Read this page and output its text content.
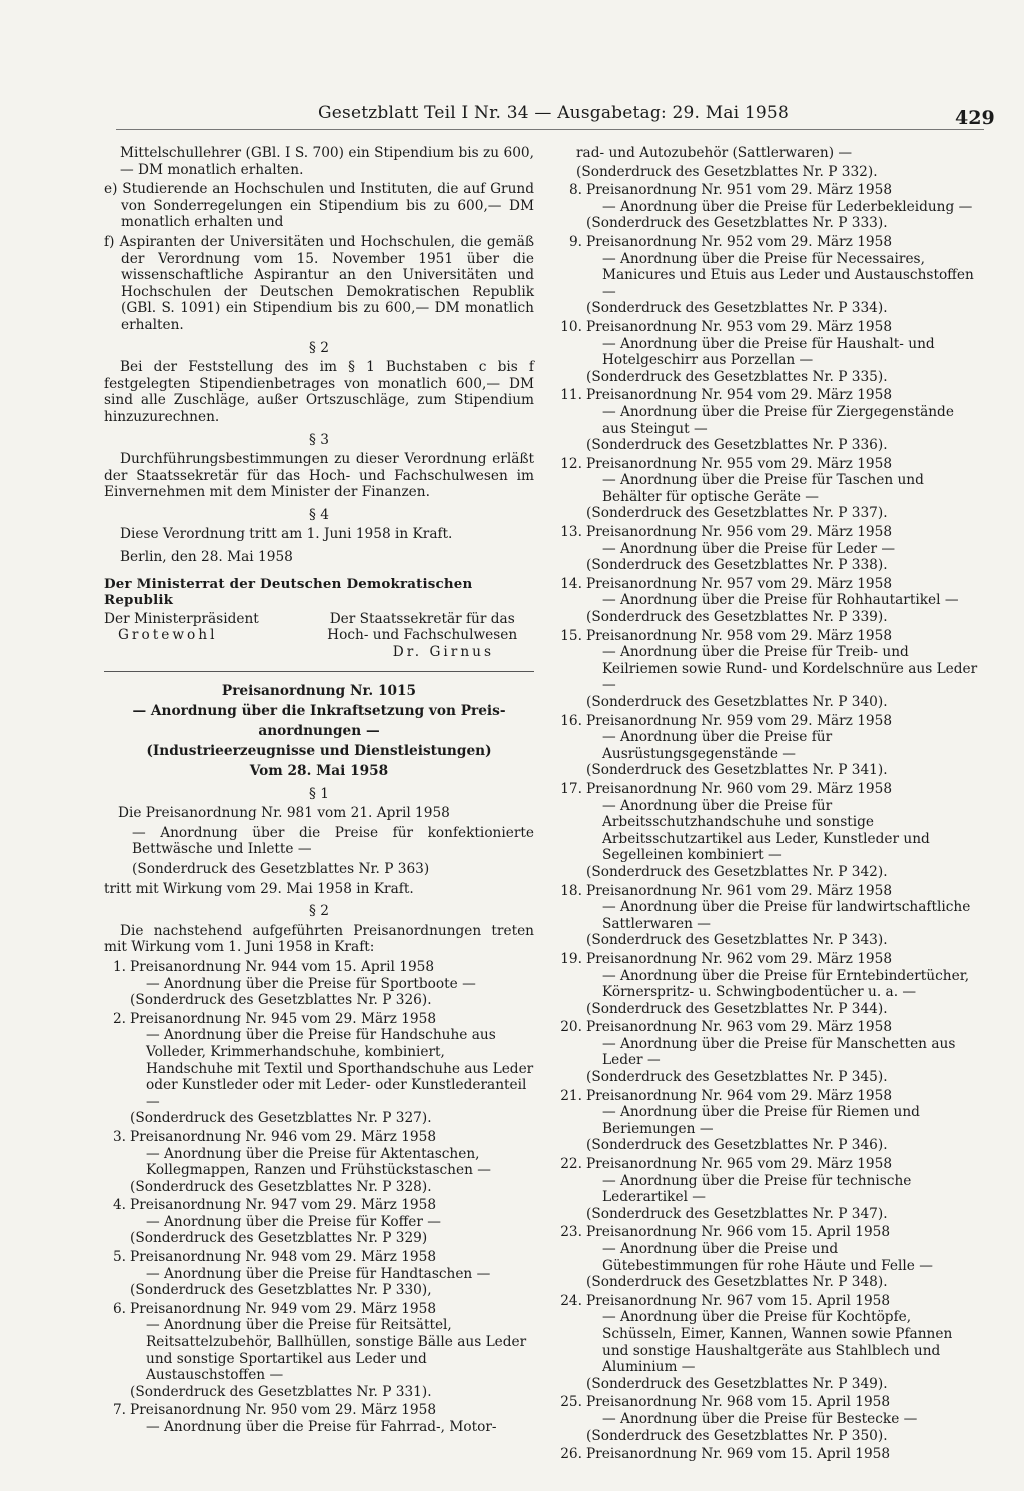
Gesetzblatt Teil I Nr. 34 — Ausgabetag: 29. Mai 1958	429
Mittelschullehrer (GBl. I S. 700) ein Stipendium bis zu 600,— DM monatlich erhalten.
e) Studierende an Hochschulen und Instituten, die auf Grund von Sonderregelungen ein Stipendium bis zu 600,— DM monatlich erhalten und
f) Aspiranten der Universitäten und Hochschulen, die gemäß der Verordnung vom 15. November 1951 über die wissenschaftliche Aspirantur an den Universitäten und Hochschulen der Deutschen Demokratischen Republik (GBl. S. 1091) ein Stipendium bis zu 600,— DM monatlich erhalten.
§ 2
Bei der Feststellung des im § 1 Buchstaben c bis f festgelegten Stipendienbetrages von monatlich 600,— DM sind alle Zuschläge, außer Ortszuschläge, zum Stipendium hinzuzurechnen.
§ 3
Durchführungsbestimmungen zu dieser Verordnung erläßt der Staatssekretär für das Hoch- und Fachschulwesen im Einvernehmen mit dem Minister der Finanzen.
§ 4
Diese Verordnung tritt am 1. Juni 1958 in Kraft.
Berlin, den 28. Mai 1958
Der Ministerrat der Deutschen Demokratischen Republik
Der Ministerpräsident
Grotewohl
Der Staatssekretär für das
Hoch- und Fachschulwesen
Dr. Girnus
Preisanordnung Nr. 1015
— Anordnung über die Inkraftsetzung von Preis-
anordnungen —
(Industrieerzeugnisse und Dienstleistungen)
Vom 28. Mai 1958
§ 1
Die Preisanordnung Nr. 981 vom 21. April 1958
— Anordnung über die Preise für konfektionierte Bettwäsche und Inlette —
(Sonderdruck des Gesetzblattes Nr. P 363)
tritt mit Wirkung vom 29. Mai 1958 in Kraft.
§ 2
Die nachstehend aufgeführten Preisanordnungen treten mit Wirkung vom 1. Juni 1958 in Kraft:
1. Preisanordnung Nr. 944 vom 15. April 1958
— Anordnung über die Preise für Sportboote —
(Sonderdruck des Gesetzblattes Nr. P 326).
2. Preisanordnung Nr. 945 vom 29. März 1958
— Anordnung über die Preise für Handschuhe aus Volleder, Krimmerhandschuhe, kombiniert, Handschuhe mit Textil und Sporthandschuhe aus Leder oder Kunstleder oder mit Leder- oder Kunstlederanteil —
(Sonderdruck des Gesetzblattes Nr. P 327).
3. Preisanordnung Nr. 946 vom 29. März 1958
— Anordnung über die Preise für Aktentaschen, Kollegmappen, Ranzen und Frühstückstaschen —
(Sonderdruck des Gesetzblattes Nr. P 328).
4. Preisanordnung Nr. 947 vom 29. März 1958
— Anordnung über die Preise für Koffer —
(Sonderdruck des Gesetzblattes Nr. P 329)
5. Preisanordnung Nr. 948 vom 29. März 1958
— Anordnung über die Preise für Handtaschen —
(Sonderdruck des Gesetzblattes Nr. P 330),
6. Preisanordnung Nr. 949 vom 29. März 1958
— Anordnung über die Preise für Reitsättel, Reitsattelzubehör, Ballhüllen, sonstige Bälle aus Leder und sonstige Sportartikel aus Leder und Austauschstoffen —
(Sonderdruck des Gesetzblattes Nr. P 331).
7. Preisanordnung Nr. 950 vom 29. März 1958
— Anordnung über die Preise für Fahrrad-, Motor-
rad- und Autozubehör (Sattlerwaren) —
(Sonderdruck des Gesetzblattes Nr. P 332).
8. Preisanordnung Nr. 951 vom 29. März 1958
— Anordnung über die Preise für Lederbekleidung —
(Sonderdruck des Gesetzblattes Nr. P 333).
9. Preisanordnung Nr. 952 vom 29. März 1958
— Anordnung über die Preise für Necessaires, Manicures und Etuis aus Leder und Austauschstoffen —
(Sonderdruck des Gesetzblattes Nr. P 334).
10. Preisanordnung Nr. 953 vom 29. März 1958
— Anordnung über die Preise für Haushalt- und Hotelgeschirr aus Porzellan —
(Sonderdruck des Gesetzblattes Nr. P 335).
11. Preisanordnung Nr. 954 vom 29. März 1958
— Anordnung über die Preise für Ziergegenstände aus Steingut —
(Sonderdruck des Gesetzblattes Nr. P 336).
12. Preisanordnung Nr. 955 vom 29. März 1958
— Anordnung über die Preise für Taschen und Behälter für optische Geräte —
(Sonderdruck des Gesetzblattes Nr. P 337).
13. Preisanordnung Nr. 956 vom 29. März 1958
— Anordnung über die Preise für Leder —
(Sonderdruck des Gesetzblattes Nr. P 338).
14. Preisanordnung Nr. 957 vom 29. März 1958
— Anordnung über die Preise für Rohhautartikel —
(Sonderdruck des Gesetzblattes Nr. P 339).
15. Preisanordnung Nr. 958 vom 29. März 1958
— Anordnung über die Preise für Treib- und Keilriemen sowie Rund- und Kordelschnüre aus Leder —
(Sonderdruck des Gesetzblattes Nr. P 340).
16. Preisanordnung Nr. 959 vom 29. März 1958
— Anordnung über die Preise für Ausrüstungsgegenstände —
(Sonderdruck des Gesetzblattes Nr. P 341).
17. Preisanordnung Nr. 960 vom 29. März 1958
— Anordnung über die Preise für Arbeitsschutzhandschuhe und sonstige Arbeitsschutzartikel aus Leder, Kunstleder und Segelleinen kombiniert —
(Sonderdruck des Gesetzblattes Nr. P 342).
18. Preisanordnung Nr. 961 vom 29. März 1958
— Anordnung über die Preise für landwirtschaftliche Sattlerwaren —
(Sonderdruck des Gesetzblattes Nr. P 343).
19. Preisanordnung Nr. 962 vom 29. März 1958
— Anordnung über die Preise für Erntebindertücher, Körnerspritz- u. Schwingbodentücher u. a. —
(Sonderdruck des Gesetzblattes Nr. P 344).
20. Preisanordnung Nr. 963 vom 29. März 1958
— Anordnung über die Preise für Manschetten aus Leder —
(Sonderdruck des Gesetzblattes Nr. P 345).
21. Preisanordnung Nr. 964 vom 29. März 1958
— Anordnung über die Preise für Riemen und Beriemungen —
(Sonderdruck des Gesetzblattes Nr. P 346).
22. Preisanordnung Nr. 965 vom 29. März 1958
— Anordnung über die Preise für technische Lederartikel —
(Sonderdruck des Gesetzblattes Nr. P 347).
23. Preisanordnung Nr. 966 vom 15. April 1958
— Anordnung über die Preise und Gütebestimmungen für rohe Häute und Felle —
(Sonderdruck des Gesetzblattes Nr. P 348).
24. Preisanordnung Nr. 967 vom 15. April 1958
— Anordnung über die Preise für Kochtöpfe, Schüsseln, Eimer, Kannen, Wannen sowie Pfannen und sonstige Haushaltgeräte aus Stahlblech und Aluminium —
(Sonderdruck des Gesetzblattes Nr. P 349).
25. Preisanordnung Nr. 968 vom 15. April 1958
— Anordnung über die Preise für Bestecke —
(Sonderdruck des Gesetzblattes Nr. P 350).
26. Preisanordnung Nr. 969 vom 15. April 1958
